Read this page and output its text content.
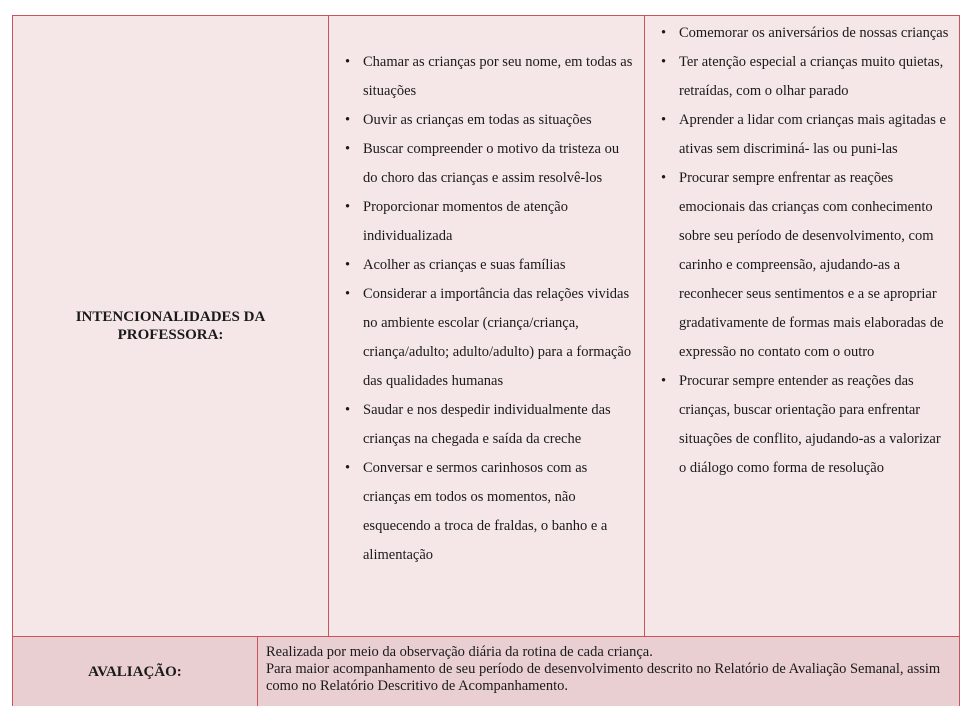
INTENCIONALIDADES DA
PROFESSORA:
• Chamar as crianças por seu nome, em todas as situações
• Ouvir as crianças em todas as situações
• Buscar compreender o motivo da tristeza ou do choro das crianças e assim resolvê-los
• Proporcionar momentos de atenção individualizada
• Acolher as crianças e suas famílias
• Considerar a importância das relações vividas no ambiente escolar (criança/criança, criança/adulto; adulto/adulto) para a formação das qualidades humanas
• Saudar e nos despedir individualmente das crianças na chegada e saída da creche
• Conversar e sermos carinhosos com as crianças em todos os momentos, não esquecendo a troca de fraldas, o banho e a alimentação
• Comemorar os aniversários de nossas crianças
• Ter atenção especial a crianças muito quietas, retraídas, com o olhar parado
• Aprender a lidar com crianças mais agitadas e ativas sem discriminá- las ou puni-las
• Procurar sempre enfrentar as reações emocionais das crianças com conhecimento sobre seu período de desenvolvimento, com carinho e compreensão, ajudando-as a reconhecer seus sentimentos e a se apropriar gradativamente de formas mais elaboradas de expressão no contato com o outro
• Procurar sempre entender as reações das crianças, buscar orientação para enfrentar situações de conflito, ajudando-as a valorizar o diálogo como forma de resolução
AVALIAÇÃO:
Realizada por meio da observação diária da rotina de cada criança.
Para maior acompanhamento de seu período de desenvolvimento descrito no Relatório de Avaliação Semanal, assim como no Relatório Descritivo de Acompanhamento.
